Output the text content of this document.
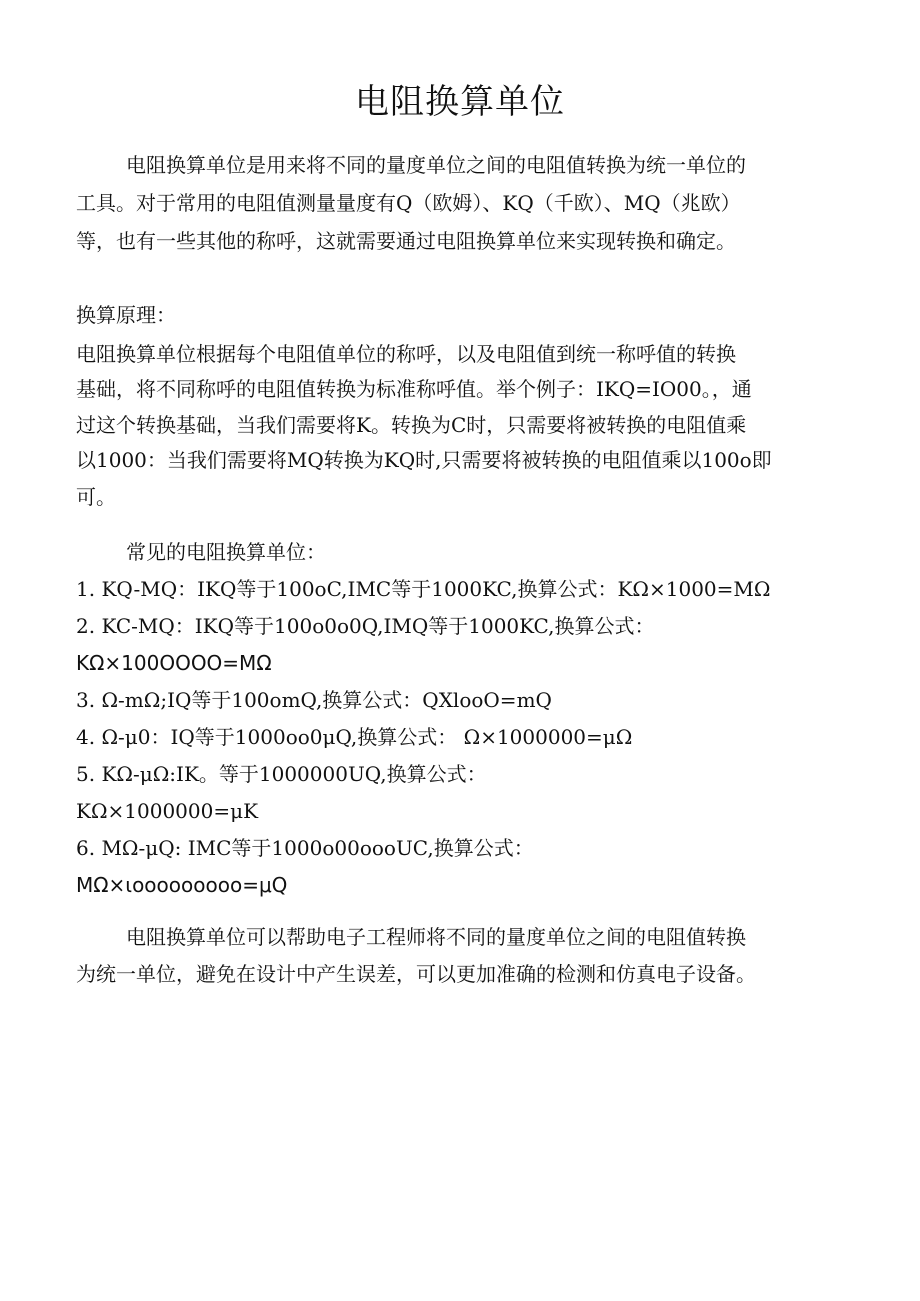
电阻换算单位
电阻换算单位是用来将不同的量度单位之间的电阻值转换为统一单位的
工具。对于常用的电阻值测量量度有Q（欧姆）、KQ（千欧）、MQ（兆欧）
等，也有一些其他的称呼，这就需要通过电阻换算单位来实现转换和确定。
换算原理：
电阻换算单位根据每个电阻值单位的称呼，以及电阻值到统一称呼值的转换
基础，将不同称呼的电阻值转换为标准称呼值。举个例子：IKQ=IO00。，通
过这个转换基础，当我们需要将K。转换为C时，只需要将被转换的电阻值乘
以1000：当我们需要将MQ转换为KQ时,只需要将被转换的电阻值乘以100o即
可。
常见的电阻换算单位：
1. KQ-MQ：IKQ等于100oC,IMC等于1000KC,换算公式：KΩ×1000=MΩ
2. KC-MQ：IKQ等于100o0o0Q,IMQ等于1000KC,换算公式：
KΩ×100OOOO=MΩ
3. Ω-mΩ;IQ等于100omQ,换算公式：QXlooO=mQ
4. Ω-μ0：IQ等于1000oo0μQ,换算公式： Ω×1000000=μΩ
5. KΩ-μΩ:IK。等于1000000UQ,换算公式：
KΩ×1000000=μK
6. MΩ-μQ: IMC等于1000o00oooUC,换算公式：
MΩ×ιooooooooo=μQ
电阻换算单位可以帮助电子工程师将不同的量度单位之间的电阻值转换
为统一单位，避免在设计中产生误差，可以更加准确的检测和仿真电子设备。
